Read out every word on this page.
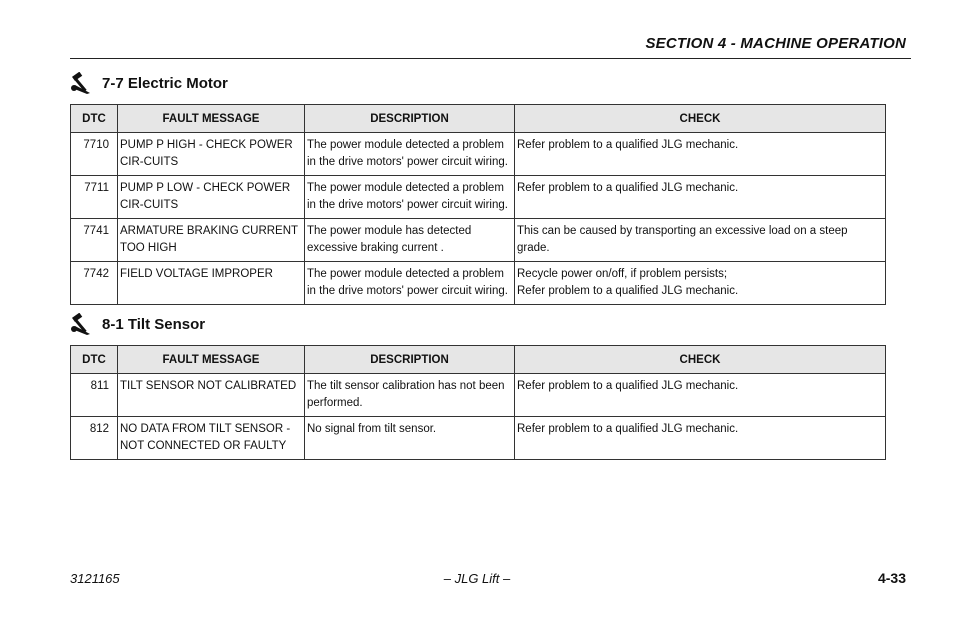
SECTION 4 - MACHINE OPERATION
7-7 Electric Motor
DTC	FAULT MESSAGE	DESCRIPTION	CHECK
7710	PUMP P HIGH - CHECK POWER CIR-CUITS	The power module detected a problem in the drive motors' power circuit wiring.	Refer problem to a qualified JLG mechanic.
7711	PUMP P LOW - CHECK POWER CIR-CUITS	The power module detected a problem in the drive motors' power circuit wiring.	Refer problem to a qualified JLG mechanic.
7741	ARMATURE BRAKING CURRENT TOO HIGH	The power module has detected excessive braking current .	This can be caused by transporting an excessive load on a steep grade.
7742	FIELD VOLTAGE IMPROPER	The power module detected a problem in the drive motors' power circuit wiring.	Recycle power on/off, if problem persists;
Refer problem to a qualified JLG mechanic.
8-1 Tilt Sensor
DTC	FAULT MESSAGE	DESCRIPTION	CHECK
811	TILT SENSOR NOT CALIBRATED	The tilt sensor calibration has not been performed.	Refer problem to a qualified JLG mechanic.
812	NO DATA FROM TILT SENSOR - NOT CONNECTED OR FAULTY	No signal from tilt sensor.	Refer problem to a qualified JLG mechanic.
3121165	– JLG Lift –	4-33
